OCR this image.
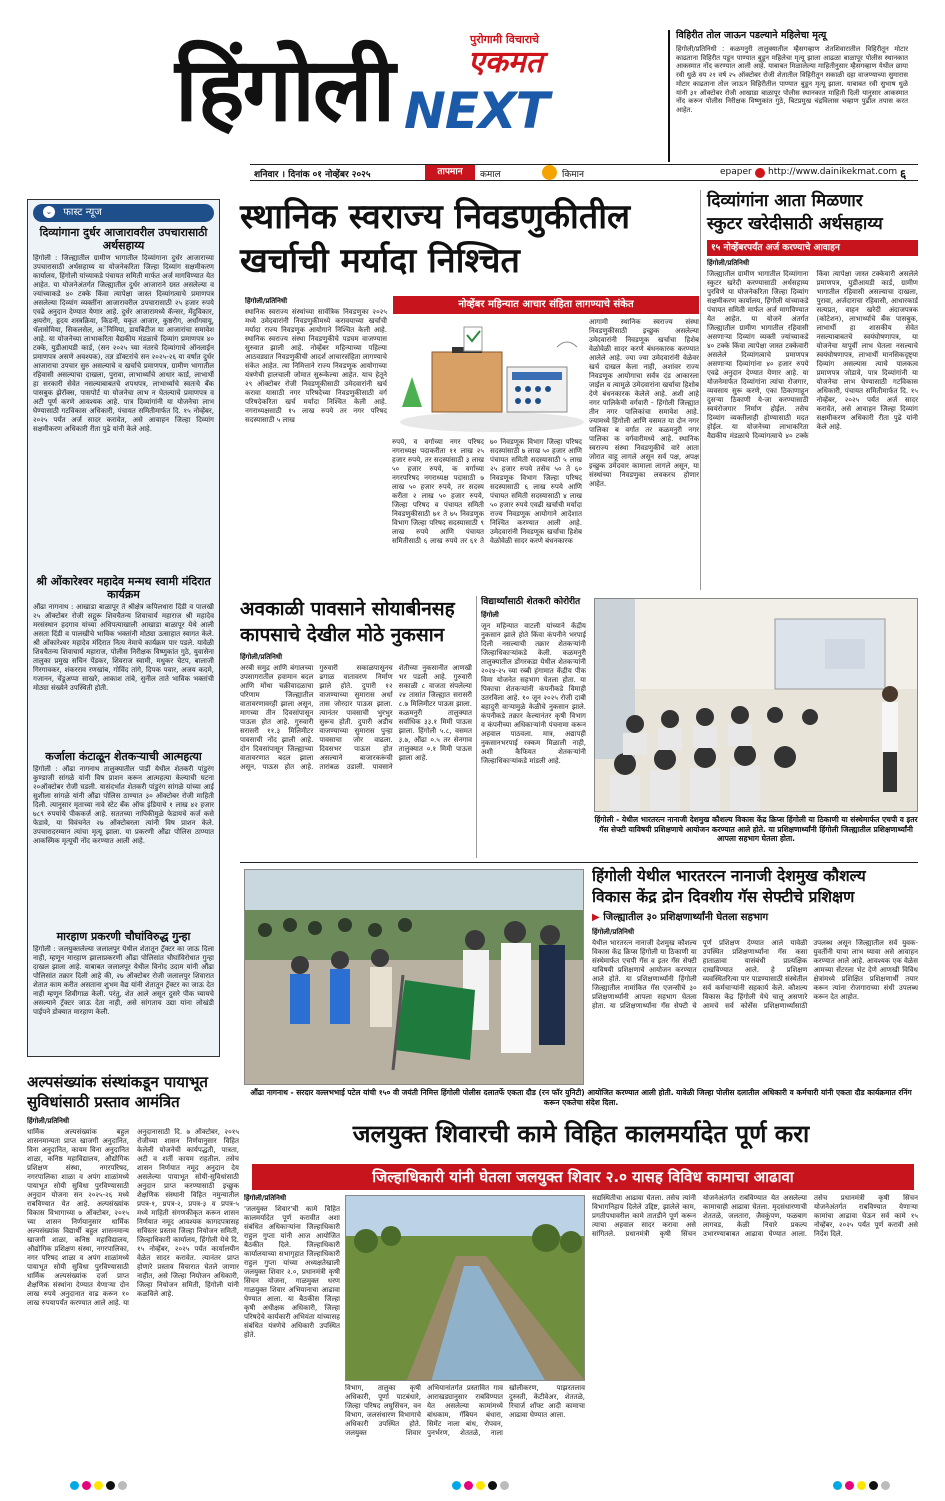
हिंगोली	पुरोगामी विचाराचे
एकमत
NEXT
विहिरीत तोल जाऊन पडल्याने महिलेचा मृत्यू
हिंगोली/प्रतिनिधी : कळमनुरी तालुक्यातील म्हैसगव्हाण शेतशिवारातील विहिरीतून मोटार काढताना विहिरीत पडून पाण्यात बुडून महिलेचा मृत्यू झाला आढळा बाळापूर पोलीस स्थानकात आकस्मात नोंद करण्यात आली आहे. याबाबत मिळालेल्या माहितीनुसार म्हैसगव्हाण येथील छाया रवी धुळे वय २१ वर्ष २५ ऑक्टोबर रोजी शेतातील विहिरीतून सकाळी दहा वाजण्याच्या सुमारास मोटार काढताना तोल जाऊन विहिरीतील पाण्यात बुडून मृत्यू झाला. याबाबत रवी सुभाष धुळे यांनी ३१ ऑक्टोबर रोजी आखाडा बाळापूर पोलीस स्थानकात माहिती दिली यानुसार आकस्मात नोंद करून पोलीस निरीक्षक विष्णुकांत गुठे, बिटप्रमुख चंद्रविलास चव्हाण पुढील तपास करत आहेत.
शनिवार । दिनांक ०१ नोव्हेंबर २०२५	तापमान	कमाल	किमान	epaper http://www.dainikekmat.com ६
⌄ फास्ट न्यूज
दिव्यांगाना दुर्धर आजारावरील उपचारासाठी अर्थसहाय्य
हिंगोली : जिल्ह्यातील ग्रामीण भागातील दिव्यांगाना दुर्धर आजाराच्या उपचारासाठी अर्थसहाय्य या योजनेकरिता जिल्हा दिव्यांग सक्षमीकरण कार्यालय, हिंगोली यांच्याकडे पंचायत समिती मार्फत अर्ज मागविण्यात येत आहेत. या योजनेअंतर्गत जिल्ह्यातील दुर्धर आजाराने ग्रस्त असलेल्या व ज्यांच्याकडे ४० टक्के किंवा त्यापेक्षा जास्त दिव्यांगत्वाचे प्रमाणपत्र असलेल्या दिव्यांग व्यक्तींना आजारावरील उपचारासाठी २५ हजार रुपये एवढे अनुदान देण्यात येणार आहे. दुर्धर आजारामध्ये कॅन्सर, मेंदुविकार, क्षयरोग, हृदय शस्त्रक्रिया, किडनी, यकृत आजार, कुष्ठरोग, अर्धांगवायू, थॅलासेमिया, सिकलसेल, अॅनिमिया, डायबिटीज या आजारांचा समावेश आहे. या योजनेच्या लाभाकरिता वैद्यकीय मंडळाचे दिव्यांग प्रमाणपत्र ४० टक्के, युडीआयडी कार्ड, (सन २०२५ च्या नंतरचे दिव्यांगाचे ऑनलाईन प्रमाणपत्र असणे अवश्यक), तज्ञ डॉक्टरांचे सन २०२५-२६ या वर्षात दुर्धर आजाराचा उपचार सुरु असल्याचे व खर्चाचे प्रमाणपत्र, ग्रामीण भागातील रहिवासी असल्याचा दाखला, पुरावा, लाभार्थ्यांचे आधार कार्ड, लाभार्थी हा सरकारी सेवेत नसल्याबाबतचे शपथपत्र, लाभार्थ्याचे स्वतःचे बँक पासबुक झेरॉक्स, पासपोर्ट या योजनेचा लाभ न घेतल्याचे प्रमाणपत्र व अटी पूर्ण करणे आवश्यक आहे. पात्र दिव्यांगांनी या योजनेचा लाभ घेण्यासाठी गटविकास अधिकारी, पंचायत समितीमार्फत दि. १५ नोव्हेंबर, २०२५ पर्यंत अर्ज सादर करावेत, असे आवाहन जिल्हा दिव्यांग सक्षमीकरण अधिकारी रीता पुढे यांनी केले आहे.
श्री ओंकारेश्वर महादेव मन्मथ स्वामी मंदिरात कार्यक्रम
औंढा नागनाथ : आखाडा बाळापूर ते श्रीक्षेत्र कपिलधारा दिंडी व पालखी २५ ऑक्टोबर रोजी सद्गुरू शिवचैतन्य शिवाचार्य महाराज श्री महादेव मरसंस्थान हदगाव यांच्या अधिपत्याखाली आखाडा बाळापूर येथे आली असता दिंडी व पालखीचे भाविक भक्तांनी मोठ्या उत्साहात स्वागत केले. श्री ओंकारेश्वर महादेव मंदिरात नित्य नेमाचे कार्यक्रम पार पडले. यावेळी शिवचैतन्य शिवाचार्य महाराज, पोलीस निरीक्षक विष्णुकांत गुठे, युवासेना तालुका प्रमुख सचिन पेंडकर, शिवराज स्वामी, मधुकर चेटप, बालाजी गिरगावकर, शंकरराव रणखांब, गोविंद तांगे, दिपक पवार, अजय कदमे, गजानन, चेंडूअप्पा साखरे, आकाश तांबे, सुनील ताते भाविक भक्तांची मोठ्या संख्येने उपस्थिती होती.
कर्जाला कंटाळून शेतकऱ्याची आत्महत्या
हिंगोली : औंढा नागनाथ तालुक्यातील पार्डी येथील शेतकरी पांडुरंग कुण्डाजी सांगळे यांनी विष प्राशन करून आत्महत्या केल्याची घटना २०ऑक्टोबर रोजी घडली. यासंदर्भात शेतकरी पांडुरंग सांगळे यांच्या आई सुशीला सांगळे यांनी औंढा पोलिस ठाण्यात ३० ऑक्टोबर रोजी माहिती दिली. त्यानुसार मृताच्या नावे स्टेट बँक ऑफ इंडियाचे १ लाख ४२ हजार ७८९ रुपयांचे पीककर्ज आहे. सततच्या नापिकीमुळे फेडायचे कर्ज कसे फेडावे, या विवंचनेत २७ ऑक्टोबरला त्यांनी विष प्राशन केले. उपचारादरम्यान त्यांचा मृत्यू झाला. या प्रकरणी औंढा पोलिस ठाण्यात आकस्मिक मृत्यूची नोंद करण्यात आली आहे.
मारहाण प्रकरणी चौघांविरुद्ध गुन्हा
हिंगोली : जलयुक्तलेल्या जलालपुर येथील शेतातून ट्रॅक्टर का जाऊ दिला नाही, म्हणून मारहाण झालाप्रकरणी औंढा पोलिसांत चौघांविरोधात गुन्हा दाखल झाला आहे. याबाबत जलालपूर येथील विनोद उदाम यांनी औंढा पोलिसांत तक्रार दिली आहे की, २७ ऑक्टोबर रोजी जलालपुर शिवारात शेतात काम करीत असताना शुभम वैद्य यांनी शेतातून ट्रॅक्टर का जाऊ देत नाही म्हणून शिवीगाळ केली. परंतु, शेत आले असून दुसरे पीक घ्यायचे असल्याने ट्रॅक्टर जाऊ देता नाही, असे सांगताच उद्या यांना लोखंडी पाईपने डोक्यात मारहाण केली.
स्थानिक स्वराज्य निवडणुकीतील
खर्चाची मर्यादा निश्चित
नोव्हेंबर महिन्यात आचार संहिता लागण्याचे संकेत
हिंगोली/प्रतिनिधी
स्थानिक स्वराज्य संस्थांच्या सार्वत्रिक निवडणुका २०२५ मध्ये उमेदवारांनी निवडणुकीमध्ये करावयाच्या खर्चाची मर्यादा राज्य निवडणूक आयोगाने निश्चित केली आहे. स्थानिक स्वराज्य संस्था निवडणुकीचे पडघम वाजण्यास सुरुवात झाली आहे. नोव्हेंबर महिन्याच्या पहिल्या आठवड्यात निवडणुकीची आदर्श आचारसंहिता लागण्याचे संकेत आहेत. त्या निमित्ताने राज्य निवडणूक आयोगाच्या यंत्रणेची हालचाली जोमात सुरूकेल्या आहेत. याच हेतूने २९ ऑक्टोबर रोजी निवडणूकीसाठी उमेदवारांनी खर्च करावा यासाठी नगर परिषदेच्या निवडणुकीसाठी वर्ग परिषदेकरिता खर्च मर्यादा निश्चित केली आहे. नगराध्यक्षसाठी १५ लाख रुपये तर नगर परिषद सदस्यासाठी ५ लाख
रुपये, व वर्गाच्या नगर परिषद नगराध्यक्ष पदाकरीता ११ लाख २५ हजार रुपये, तर सदस्यांसाठी ३ लाख ५० हजार रुपये, क वर्गाच्या नगरपरिषद नगराध्यक्ष पदासाठी ७ लाख ५० हजार रुपये, तर सदस्य करीता २ लाख ५० हजार रुपये, जिल्हा परिषद व पंचायत समिती निवडणुकीसाठी ७१ ते ७५ निवडणूक विभाग जिल्हा परिषद सदस्यासाठी ९ लाख रुपये आणि पंचायत समितीसाठी ६ लाख रुपये तर ६१ ते ७० निवडणूक विभाग जिल्हा परिषद सदस्यांसाठी ७ लाख ५० हजार आणि पंचायत समिती सदस्यासाठी ५ लाख २५ हजार रुपये तसेच ५० ते ६० निवडणूक विभाग जिल्हा परिषद सदस्यासाठी ६ लाख रुपये आणि पंचायत समिती सदस्यासाठी ४ लाख ५० हजार रुपये एवढी खर्चाची मर्यादा राज्य निवडणूक आयोगाने आदेशात निश्चित करण्यात आली आहे. उमेदवारांनी निवडणूक खर्चाचा हिशेब वेळोवेळी सादर करणे बंधनकारक
आगामी स्थानिक स्वराज्य संस्था निवडणुकीसाठी इच्छुक असलेल्या उमेदवारांनी निवडणूक खर्चाचा हिशेब वेळोवेळी सादर करणे बंधनकारक करण्यात आलेले आहे. ज्या ज्या उमेदवारांनी वेळेवर खर्च दाखल केला नाही, अशांवर राज्य निवडणूक आयोगाचा सर्वंत्र दंड आकारला जाईल व त्यामुळे उमेदवारांना खर्चाचा हिशोब देणे बंधनकारक केलेले आहे. अशी आहे नगर पालिकेची वर्गवारी - हिंगोली जिल्ह्यात तीन नगर पालिकांचा समावेश आहे. ज्यामध्ये हिंगोली आणि वसमत या दोन नगर पालिका ब वर्गात तर कळमनुरी नगर पालिका क वर्गवारीमध्ये आहे. स्थानिक स्वराज्य संस्था निवडणुकीचे वारे आता जोरात वाहू लागले असून सर्व पक्ष, अपक्ष इच्छुक उमेदवार कामाला लागले असून, या संस्थांच्या निवडणुका लवकरच होणार आहेत.
दिव्यांगांना आता मिळणार
स्कुटर खरेदीसाठी अर्थसहाय्य
१५ नोव्हेंबरपर्यंत अर्ज करण्याचे आवाहन
हिंगोली/प्रतिनिधी
जिल्ह्यातील ग्रामीण भागातील दिव्यांगाना स्कुटर खरेदी करण्यासाठी अर्थसहाय्य पुरविणे या योजनेकरिता जिल्हा दिव्यांग सक्षमीकरण कार्यालय, हिंगोली यांच्याकडे पंचायत समिती मार्फत अर्ज मागविण्यात येत आहेत. या योजने अंतर्गत जिल्ह्यातील ग्रामीण भागातील रहिवासी असणाऱ्या दिव्यांग व्यक्ती ज्यांच्याकडे ४० टक्के किंवा त्यापेक्षा जास्त टक्केवारी असलेले दिव्यांगत्वाचे प्रमाणपत्र असणाऱ्या दिव्यांगांना ४० हजार रुपये एवढे अनुदान देण्यात येणार आहे. या योजनेमार्फत दिव्यांगांना त्यांचा रोजगार, व्यवसाय सुरू करणे, एका ठिकाणाहून दुसऱ्या ठिकाणी ये-जा करण्यासाठी स्वयंरोजगार निर्माण होईल. तसेच दिव्यांग व्यक्तीलाही होण्यासाठी मदत होईल. या योजनेच्या लाभाकरिता वैद्यकीय मंडळाचे दिव्यांगत्वाचे ४० टक्के किंवा त्यापेक्षा जास्त टक्केवारी असलेले प्रमाणपत्र, युडीआयडी कार्ड, ग्रामीण भागातील रहिवासी असल्याचा दाखला, पुरावा, अर्जदाराचा रहिवासी, आधारकार्ड सत्यप्रत, वाहन खरेदी अंदाजपत्रक (कोटेशन), लाभार्थ्याचे बँक पासबुक, लाभार्थी हा शासकीय सेवेत नसल्याबाबतचे स्वयंघोषणापत्र, या योजनेचा यापूर्वी लाभ घेतला नसल्याचे स्वयंघोषणापत्र, लाभार्थी मानसिकदृष्ट्या दिव्यांग असल्यास त्याचे पालकत्व प्रमाणपत्र जोडावे, पात्र दिव्यांगांनी या योजनेचा लाभ घेण्यासाठी गटविकास अधिकारी, पंचायत समितीमार्फत दि. १५ नोव्हेंबर, २०२५ पर्यंत अर्ज सादर करावेत, असे आवाहन जिल्हा दिव्यांग सक्षमीकरण अधिकारी रीता पुढे यांनी केले आहे.
अवकाळी पावसाने सोयाबीनसह
कापसाचे देखील मोठे नुकसान
हिंगोली/प्रतिनिधी
अरबी समुद्र आणि बंगालच्या उपसागरातील हवामान बदल आणि मोंथा चक्रीवादळाचा परिणाम जिल्ह्यातील वातावरणावरही झाला असून, मागच्या तीन दिवसांपासून पाऊस होत आहे. गुरुवारी सरासरी ११.३ मिलिमीटर पावसाची नोंद झाली आहे. दोन दिवसांपासून जिल्ह्याच्या वातावरणात बदल झाला असून, पाऊस होत आहे. गुरुवारी सकाळपासूनच ढगाळ वातावरण निर्माण झाले होते. दुपारी १२ वाजण्याच्या सुमारास अर्धा तास जोरदार पाऊस झाला. त्यानंतर पावसाची भुरभुर सुरूच होती. दुपारी अडीच वाजण्याच्या सुमारास पुन्हा पावसाचा जोर वाढला. दिवसभर पाऊस होत असल्याने बाजारकरूंची तारांबळ उडाली. पावसाने शेतीच्या नुकसानीत आणखी भर पडली आहे. गुरुवारी सकाळी ८ वाजता संपलेल्या २४ तासांत जिल्ह्यात सरासरी ८.७ मिलिमीटर पाऊस झाला. कळमनुरी तालुक्यात सर्वाधिक ३३.१ मिमी पाऊस झाला. हिंगोली ५.८, वसमत ३.७, औंढा ०.५ तर सेनगाव तालुक्यात ०.१ मिमी पाऊस झाला आहे.
विद्यार्थ्यांसाठी शेतकरी कोरोरीत
हिंगोली
जून महिन्यात वाटली यांच्याने केंद्रीय नुकसान झाले होते किंवा कंपनीने भरपाई दिली नसल्याची तक्रार शेतकऱ्यांनी जिल्हाधिकाऱ्यांकडे केली. कळमनुरी तालुक्यातील डोंगरकडा येथील शेतकऱ्यांनी २०२४-२५ च्या रब्बी हंगामात केंद्रीय पीक विमा योजनेत सहभाग घेतला होता. या पिकाचा शेतकऱ्यांनी कंपनीकडे विमाही उतरविला आहे. १० जून २०२५ रोजी दाबी बहादुरी वाऱ्यामुळे केळीचे नुकसान झाले. कंपनीकडे तक्रार केल्यानंतर कृषी विभाग व कंपनीच्या अधिकाऱ्यांनी पंचनामा करून अहवाल पाठवला. मात्र, अद्यापही नुकसानभरपाई रक्कम मिळाली नाही, अशी कैफियत शेतकऱ्यांनी जिल्हाधिकाऱ्यांकडे मांडली आहे.
हिंगोली - येथील भारतरत्न नानाजी देशमुख कौशल्य विकास केंद्र क्रिप्स हिंगोली या ठिकाणी या संस्थेमार्फत एचपी व इतर गॅस सेफ्टी याविषयी प्रशिक्षणाचे आयोजन करण्यात आले होते. या प्रशिक्षणार्थ्यांनी हिंगोली जिल्ह्यातील प्रशिक्षणार्थ्यांनी आपला सहभाग घेतला होता.
औंढा नागनाथ - सरदार वल्लभभाई पटेल यांची १५० वी जयंती निमित्त हिंगोली पोलीस दलातर्फे एकता दौड (रन फॉर युनिटी) आयोजित करण्यात आली होती. यावेळी जिल्हा पोलीस दलातील अधिकारी व कर्मचारी यांनी एकता दौड कार्यक्रमात रनिंग करून एकतेचा संदेश दिला.
हिंगोली येथील भारतरत्न नानाजी देशमुख कौशल्य
विकास केंद्र द्रोन दिवशीय गॅस सेफ्टीचे प्रशिक्षण
▶ जिल्ह्यातील ३० प्रशिक्षणार्थ्यांनी घेतला सहभाग
हिंगोली/प्रतिनिधी
येथील भारतरत्न नानाजी देशमुख कौशल्य विकास केंद्र क्रिप्स हिंगोली या ठिकाणी या संस्थेमार्फत एचपी गॅस व इतर गॅस सेफ्टी याविषयी प्रशिक्षणाचे आयोजन करण्यात आले होते. या प्रशिक्षणार्थ्यांनी हिंगोली जिल्ह्यातील नामांकित गॅस एजन्सीचे ३० प्रशिक्षणार्थ्यांनी आपला सहभाग घेतला होता. या प्रशिक्षणार्थ्यांना गॅस सेफ्टी चे पूर्ण प्रशिक्षण देण्यात आले यावेळी उपस्थित प्रशिक्षणार्थ्यांना गॅस कसा हाताळावा यासंबंधी प्रात्यक्षिक दाखविण्यात आले. हे प्रशिक्षण व्यवस्थितरित्या पार पाडण्यासाठी संस्थेतील सर्व कर्मचाऱ्यांनी सहकार्य केले. कौशल्य विकास केंद्र हिंगोली येथे चालू असणारे आमचे सर्व कोर्सेस प्रशिक्षणार्थ्यांसाठी उपलब्ध असून जिल्ह्यातील सर्व युवक-युवतींनी याचा लाभ घ्यावा असे आवाहन करण्यात आले आहे. आवश्यक एक वेळेस आमच्या सेंटरला भेट देणे आणखी विविध क्षेत्रांमध्ये प्रशिक्षित प्रशिक्षणार्थी तयार करून त्यांना रोजगाराच्या संधी उपलब्ध करून देत आहोत.
अल्पसंख्यांक संस्थांकडून पायाभूत
सुविधांसाठी प्रस्ताव आमंत्रित
हिंगोली/प्रतिनिधी
धार्मिक अल्पसंख्यांक बहुल शासनमान्यता प्राप्त खाजगी अनुदानित, विना अनुदानित, कायम विना अनुदानित शाळा, कनिष्ठ महाविद्यालय, औद्योगिक प्रशिक्षण संस्था, नगरपरिषद, नगरपालिका शाळा व अपंग शाळांमध्ये पायाभूत सोयी सुविधा पुरविण्यासाठी अनुदान योजना सन २०२५-२६ मध्ये राबविण्यात येत आहे. अल्पसंख्यांक विकास विभागाच्या ७ ऑक्टोबर, २०१५ च्या शासन निर्णयानुसार धार्मिक अल्पसंख्यांक विद्यार्थी बहुल शासनमान्य खाजगी शाळा, कनिष्ठ महाविद्यालय, औद्योगिक प्रशिक्षण संस्था, नगरपालिका, नगर परिषद शाळा व अपंग शाळांमध्ये पायाभूत सोयी सुविधा पुरविण्यासाठी धार्मिक अल्पसंख्यांक दर्जा प्राप्त शैक्षणिक संस्थांना देण्यात येणाऱ्या दोन लाख रुपये अनुदानात वाढ करून १० लाख रुपयापर्यंत करण्यात आले आहे. या अनुदानासाठी दि. ७ ऑक्टोबर, २०१५ रोजीच्या शासन निर्णयानुसार विहित केलेली योजनेची कार्यपद्धती, पात्रता, अटी व शर्ती कायम राहतील. तसेच शासन निर्णयात नमूद अनुदान देय असलेल्या पायाभूत सोयी-सुविधांसाठी अनुदान प्राप्त करण्यासाठी इच्छुक शैक्षणिक संस्थानी विहित नमुन्यातील प्रपत्र-१, प्रपत्र-२, प्रपत्र-३ व प्रपत्र-५ मध्ये माहिती संगणकीकृत करून शासन निर्णयात नमूद आवश्यक कागदपत्रासह सविस्तर प्रस्ताव जिल्हा नियोजन समिती, जिल्हाधिकारी कार्यालय, हिंगोली येथे दि. १५ नोव्हेंबर, २०२५ पर्यंत कार्यालयीन वेळेत सादर करावेत. त्यानंतर प्राप्त होणारे प्रस्ताव विचारात घेतले जाणार नाहीत, असे जिल्हा नियोजन अधिकारी, जिल्हा नियोजन समिती, हिंगोली यांनी कळविले आहे.
जलयुक्त शिवारची कामे विहित कालमर्यादेत पूर्ण करा
जिल्हाधिकारी यांनी घेतला जलयुक्त शिवार २.० यासह विविध कामाचा आढावा
हिंगोली/प्रतिनिधी
'जलयुक्त शिवार'ची कामे विहित कालमर्यादेत पूर्ण करावीत अशा संबंधित अधिकाऱ्यांना जिल्हाधिकारी राहुल गुप्ता यांनी आज आयोजित बैठकीत दिले. जिल्हाधिकारी कार्यालयाच्या सभागृहात जिल्हाधिकारी राहुल गुप्ता यांच्या अध्यक्षतेखाली जलयुक्त शिवार २.०, प्रधानमंत्री कृषी सिंचन योजना, गाळमुक्त धरण गाळयुक्त शिवार अभियानाचा आढावा घेण्यात आला. या बैठकीस जिल्हा कृषी अधीक्षक अधिकारी, जिल्हा परिषदेचे कार्यकारी अभियंता यांच्यासह संबंधित यंत्रणेचे अधिकारी उपस्थित होते.
विभाग, तालुका कृषी अधिकारी, पूर्णा पाटबंधारे, जिल्हा परिषद लघुसिंचन, वन विभाग, जलसंधारण विभागाचे अधिकारी उपस्थित होते. जलयुक्त शिवार अभियानांतर्गत प्रस्तावित गाव आराखड्यानुसार राबविण्यात येत असलेल्या कामांमध्ये बांधकाम, गॅबियन बंधारा, सिमेंट नाला बांध, रोपवन, पुनर्भरण, शेततळे, नाला खोलीकरण, पाझरतलाव दुरुस्ती, केटीवेअर, शेततळे, रिचार्ज शॉफ्ट आदी कामाचा आढावा घेण्यात आला.
सद्यस्थितीचा आढावा घेतला. तसेच त्यांनी विभागनिहाय दिलेले उद्दिष्ट, झालेले काम, प्रगतीपथावरील कामे तातडीने पूर्ण करून त्याचा अहवाल सादर करावा असे सांगितले. प्रधानमंत्री कृषी सिंचन योजनेअंतर्गत राबविण्यात येत असलेल्या कामाचाही आढावा घेतला. मृदसंधारणाची शेततळे, जलतारा, जैवकुंपण, फळबाग लागवड, केळी निवारे प्रकल्प उभारण्याबाबत आढावा घेण्यात आला. तसेच प्रधानमंत्री कृषी सिंचन योजनेअंतर्गत राबविण्यात येणाऱ्या कामांचा आढावा घेऊन सर्व कामे १५ नोव्हेंबर, २०२५ पर्यंत पूर्ण करावी असे निर्देश दिले.
